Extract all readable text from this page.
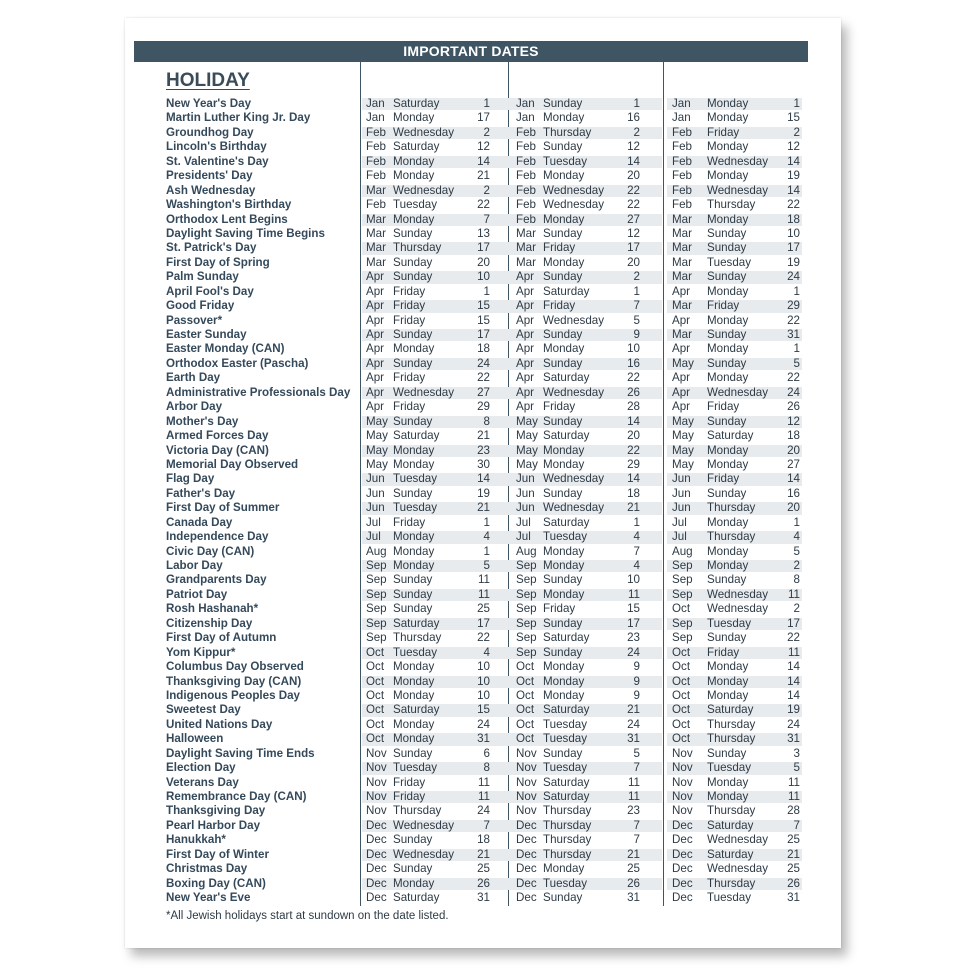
IMPORTANT DATES
HOLIDAY
New Year's Day	Jan Saturday	1 Jan Sunday	1	Jan Monday	1
Martin Luther King Jr. Day	Jan Monday	17 Jan Monday	16	Jan Monday	15
Groundhog Day	Feb Wednesday	2 Feb Thursday	2	Feb Friday	2
Lincoln's Birthday	Feb Saturday	12 Feb Sunday	12	Feb Monday	12
St. Valentine's Day	Feb Monday	14 Feb Tuesday	14	Feb Wednesday	14
Presidents' Day	Feb Monday	21 Feb Monday	20	Feb Monday	19
Ash Wednesday	Mar Wednesday	2 Feb Wednesday	22	Feb Wednesday	14
Washington's Birthday	Feb Tuesday	22 Feb Wednesday	22	Feb Thursday	22
Orthodox Lent Begins	Mar Monday	7 Feb Monday	27	Mar Monday	18
Daylight Saving Time Begins	Mar Sunday	13 Mar Sunday	12	Mar Sunday	10
St. Patrick's Day	Mar Thursday	17 Mar Friday	17	Mar Sunday	17
First Day of Spring	Mar Sunday	20 Mar Monday	20	Mar Tuesday	19
Palm Sunday	Apr Sunday	10 Apr Sunday	2	Mar Sunday	24
April Fool's Day	Apr Friday	1 Apr Saturday	1	Apr Monday	1
Good Friday	Apr Friday	15 Apr Friday	7	Mar Friday	29
Passover*	Apr Friday	15 Apr Wednesday	5	Apr Monday	22
Easter Sunday	Apr Sunday	17 Apr Sunday	9	Mar Sunday	31
Easter Monday (CAN)	Apr Monday	18 Apr Monday	10	Apr Monday	1
Orthodox Easter (Pascha)	Apr Sunday	24 Apr Sunday	16	May Sunday	5
Earth Day	Apr Friday	22 Apr Saturday	22	Apr Monday	22
Administrative Professionals Day	Apr Wednesday	27 Apr Wednesday	26	Apr Wednesday	24
Arbor Day	Apr Friday	29 Apr Friday	28	Apr Friday	26
Mother's Day	May Sunday	8 May Sunday	14	May Sunday	12
Armed Forces Day	May Saturday	21 May Saturday	20	May Saturday	18
Victoria Day (CAN)	May Monday	23 May Monday	22	May Monday	20
Memorial Day Observed	May Monday	30 May Monday	29	May Monday	27
Flag Day	Jun Tuesday	14 Jun Wednesday	14	Jun Friday	14
Father's Day	Jun Sunday	19 Jun Sunday	18	Jun Sunday	16
First Day of Summer	Jun Tuesday	21 Jun Wednesday	21	Jun Thursday	20
Canada Day	Jul Friday	1 Jul Saturday	1	Jul Monday	1
Independence Day	Jul Monday	4 Jul Tuesday	4	Jul Thursday	4
Civic Day (CAN)	Aug Monday	1 Aug Monday	7	Aug Monday	5
Labor Day	Sep Monday	5 Sep Monday	4	Sep Monday	2
Grandparents Day	Sep Sunday	11 Sep Sunday	10	Sep Sunday	8
Patriot Day	Sep Sunday	11 Sep Monday	11	Sep Wednesday	11
Rosh Hashanah*	Sep Sunday	25 Sep Friday	15	Oct Wednesday	2
Citizenship Day	Sep Saturday	17 Sep Sunday	17	Sep Tuesday	17
First Day of Autumn	Sep Thursday	22 Sep Saturday	23	Sep Sunday	22
Yom Kippur*	Oct Tuesday	4 Sep Sunday	24	Oct Friday	11
Columbus Day Observed	Oct Monday	10 Oct Monday	9	Oct Monday	14
Thanksgiving Day (CAN)	Oct Monday	10 Oct Monday	9	Oct Monday	14
Indigenous Peoples Day	Oct Monday	10 Oct Monday	9	Oct Monday	14
Sweetest Day	Oct Saturday	15 Oct Saturday	21	Oct Saturday	19
United Nations Day	Oct Monday	24 Oct Tuesday	24	Oct Thursday	24
Halloween	Oct Monday	31 Oct Tuesday	31	Oct Thursday	31
Daylight Saving Time Ends	Nov Sunday	6 Nov Sunday	5	Nov Sunday	3
Election Day	Nov Tuesday	8 Nov Tuesday	7	Nov Tuesday	5
Veterans Day	Nov Friday	11 Nov Saturday	11	Nov Monday	11
Remembrance Day (CAN)	Nov Friday	11 Nov Saturday	11	Nov Monday	11
Thanksgiving Day	Nov Thursday	24 Nov Thursday	23	Nov Thursday	28
Pearl Harbor Day	Dec Wednesday	7 Dec Thursday	7	Dec Saturday	7
Hanukkah*	Dec Sunday	18 Dec Thursday	7	Dec Wednesday	25
First Day of Winter	Dec Wednesday	21 Dec Thursday	21	Dec Saturday	21
Christmas Day	Dec Sunday	25 Dec Monday	25	Dec Wednesday	25
Boxing Day (CAN)	Dec Monday	26 Dec Tuesday	26	Dec Thursday	26
New Year's Eve	Dec Saturday	31 Dec Sunday	31	Dec Tuesday	31
*All Jewish holidays start at sundown on the date listed.
